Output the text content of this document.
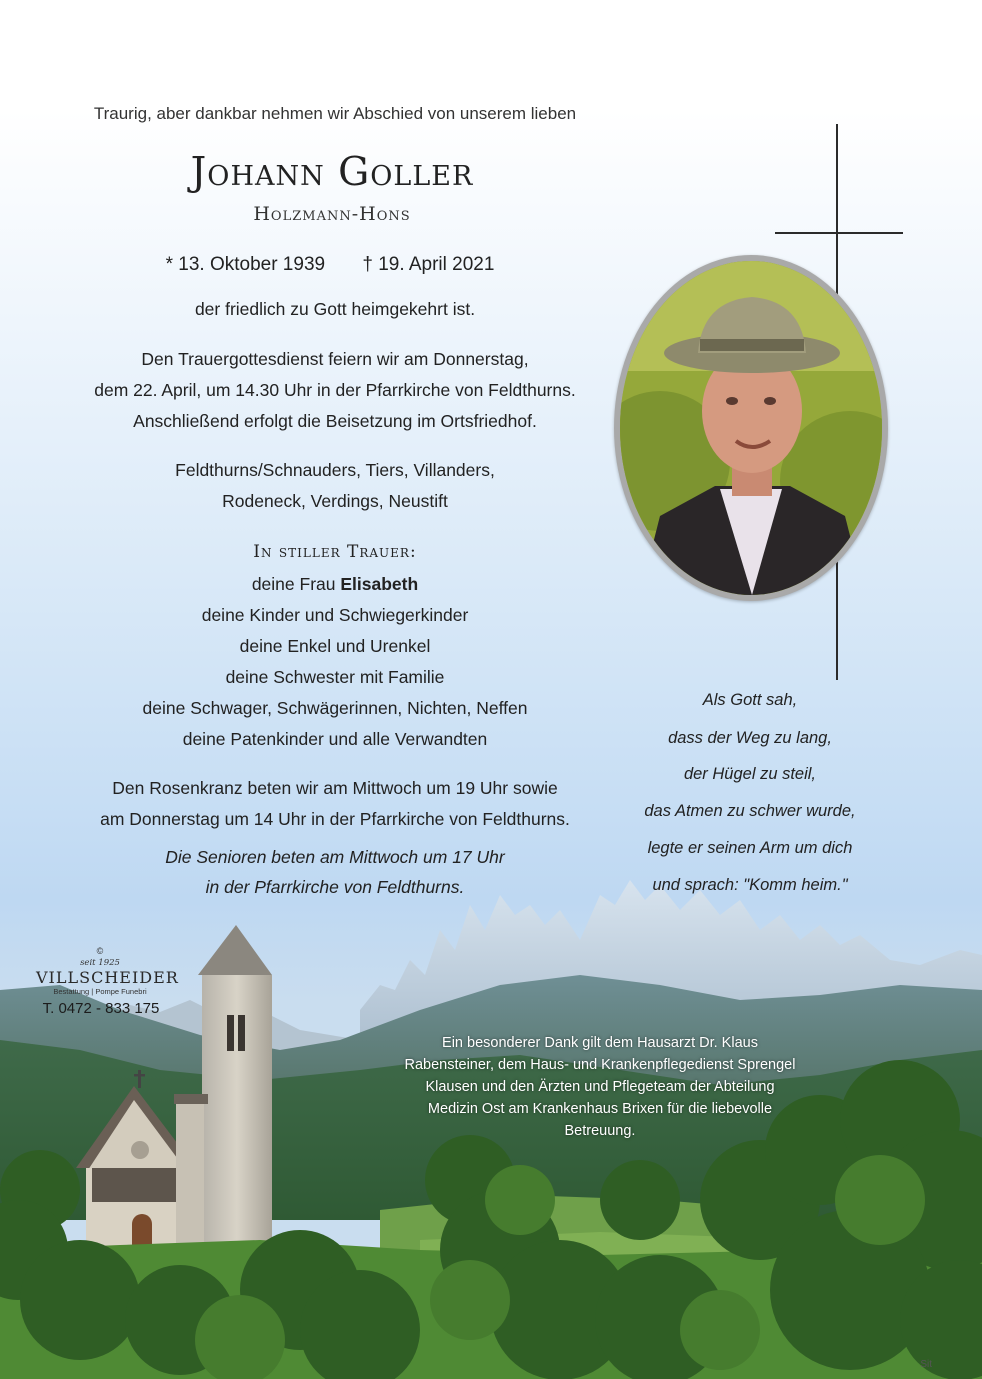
Traurig, aber dankbar nehmen wir Abschied von unserem lieben
Johann Goller
Holzmann-Hons
* 13. Oktober 1939 † 19. April 2021
der friedlich zu Gott heimgekehrt ist.
Den Trauergottesdienst feiern wir am Donnerstag,
dem 22. April, um 14.30 Uhr in der Pfarrkirche von Feldthurns.
Anschließend erfolgt die Beisetzung im Ortsfriedhof.
Feldthurns/Schnauders, Tiers, Villanders,
Rodeneck, Verdings, Neustift
In stiller Trauer:
deine Frau Elisabeth
deine Kinder und Schwiegerkinder
deine Enkel und Urenkel
deine Schwester mit Familie
deine Schwager, Schwägerinnen, Nichten, Neffen
deine Patenkinder und alle Verwandten
Den Rosenkranz beten wir am Mittwoch um 19 Uhr sowie
am Donnerstag um 14 Uhr in der Pfarrkirche von Feldthurns.
Die Senioren beten am Mittwoch um 17 Uhr
in der Pfarrkirche von Feldthurns.
Als Gott sah,
dass der Weg zu lang,
der Hügel zu steil,
das Atmen zu schwer wurde,
legte er seinen Arm um dich
und sprach: "Komm heim."
Ein besonderer Dank gilt dem Hausarzt Dr. Klaus
Rabensteiner, dem Haus- und Krankenpflegedienst Sprengel
Klausen und den Ärzten und Pflegeteam der Abteilung
Medizin Ost am Krankenhaus Brixen für die liebevolle
Betreuung.
©
seit 1925
VILLSCHEIDER
Bestattung | Pompe Funebri
T. 0472 - 833 175
Sit
